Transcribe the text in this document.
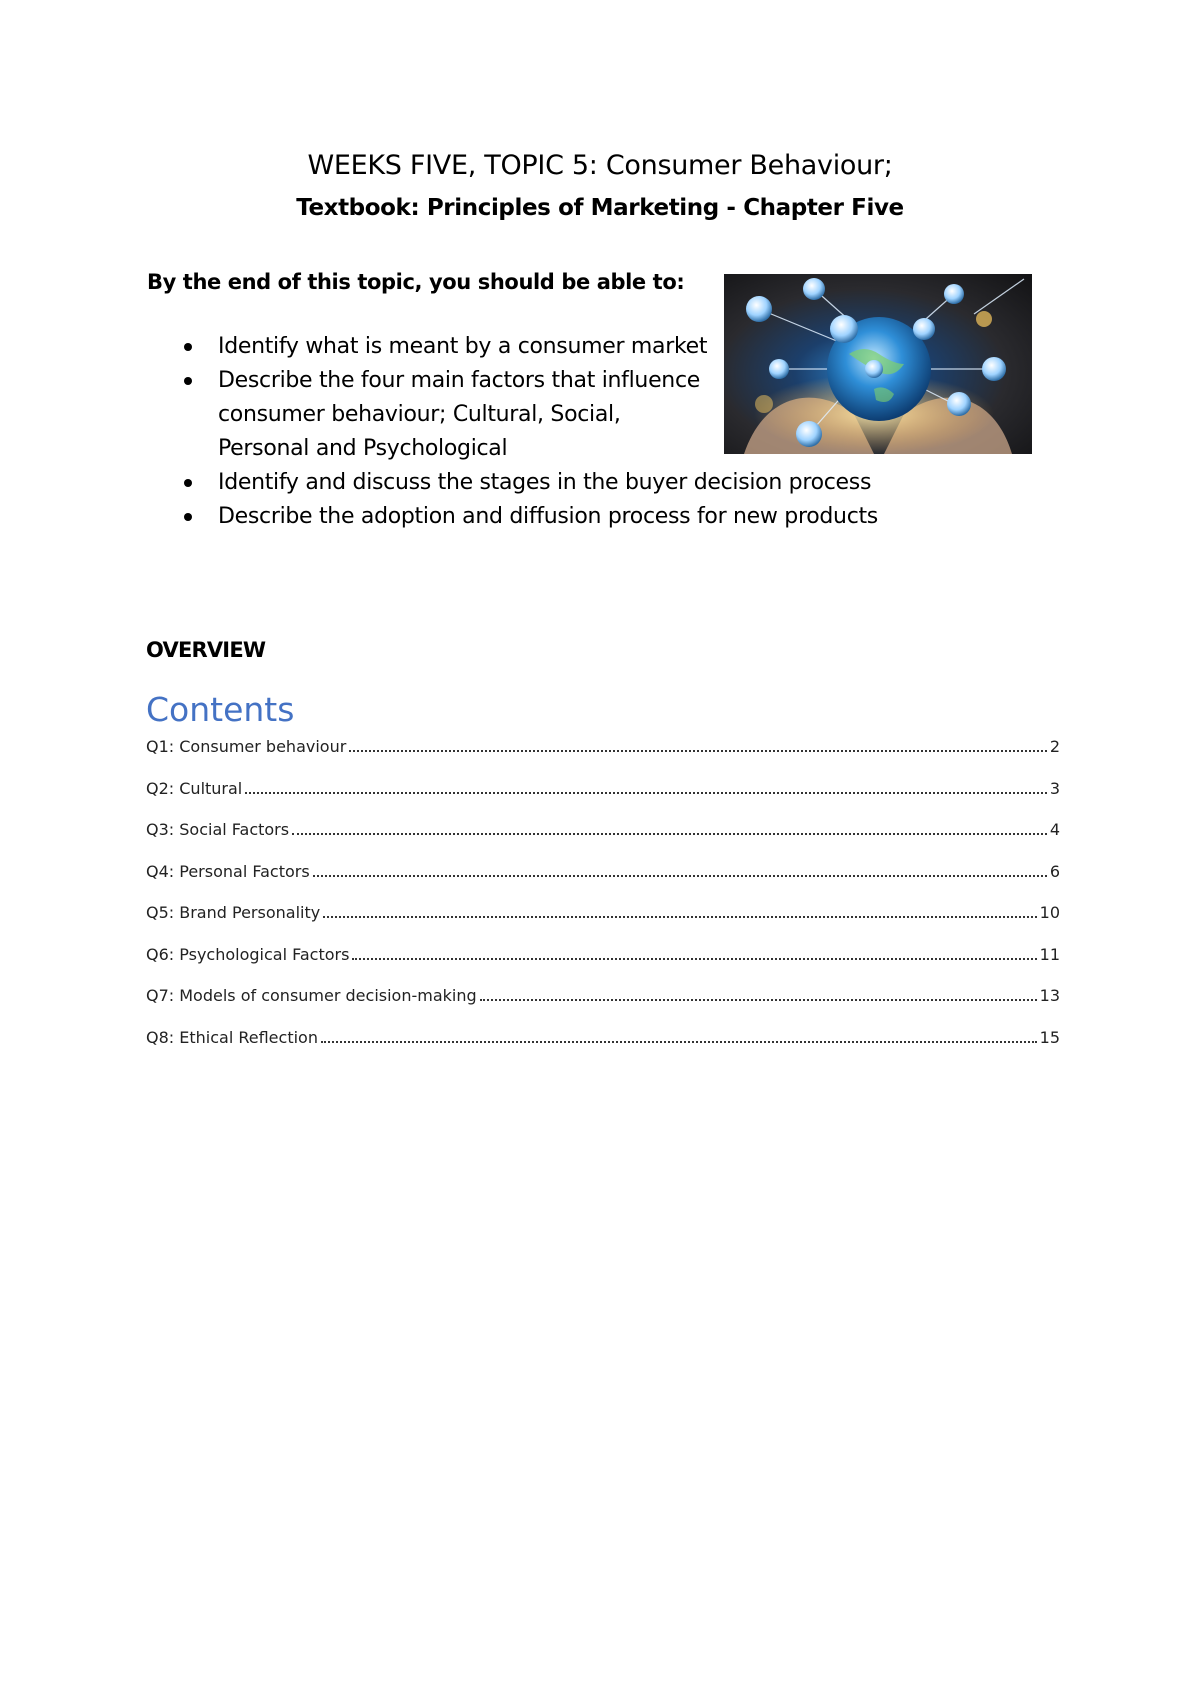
WEEKS FIVE, TOPIC 5: Consumer Behaviour;
Textbook: Principles of Marketing - Chapter Five
By the end of this topic, you should be able to:
Identify what is meant by a consumer market
Describe the four main factors that influence consumer behaviour; Cultural, Social, Personal and Psychological
Identify and discuss the stages in the buyer decision process
Describe the adoption and diffusion process for new products
OVERVIEW
Contents
Q1: Consumer behaviour	2
Q2: Cultural	3
Q3: Social Factors	4
Q4: Personal Factors	6
Q5: Brand Personality	10
Q6: Psychological Factors	11
Q7: Models of consumer decision-making	13
Q8: Ethical Reflection	15
